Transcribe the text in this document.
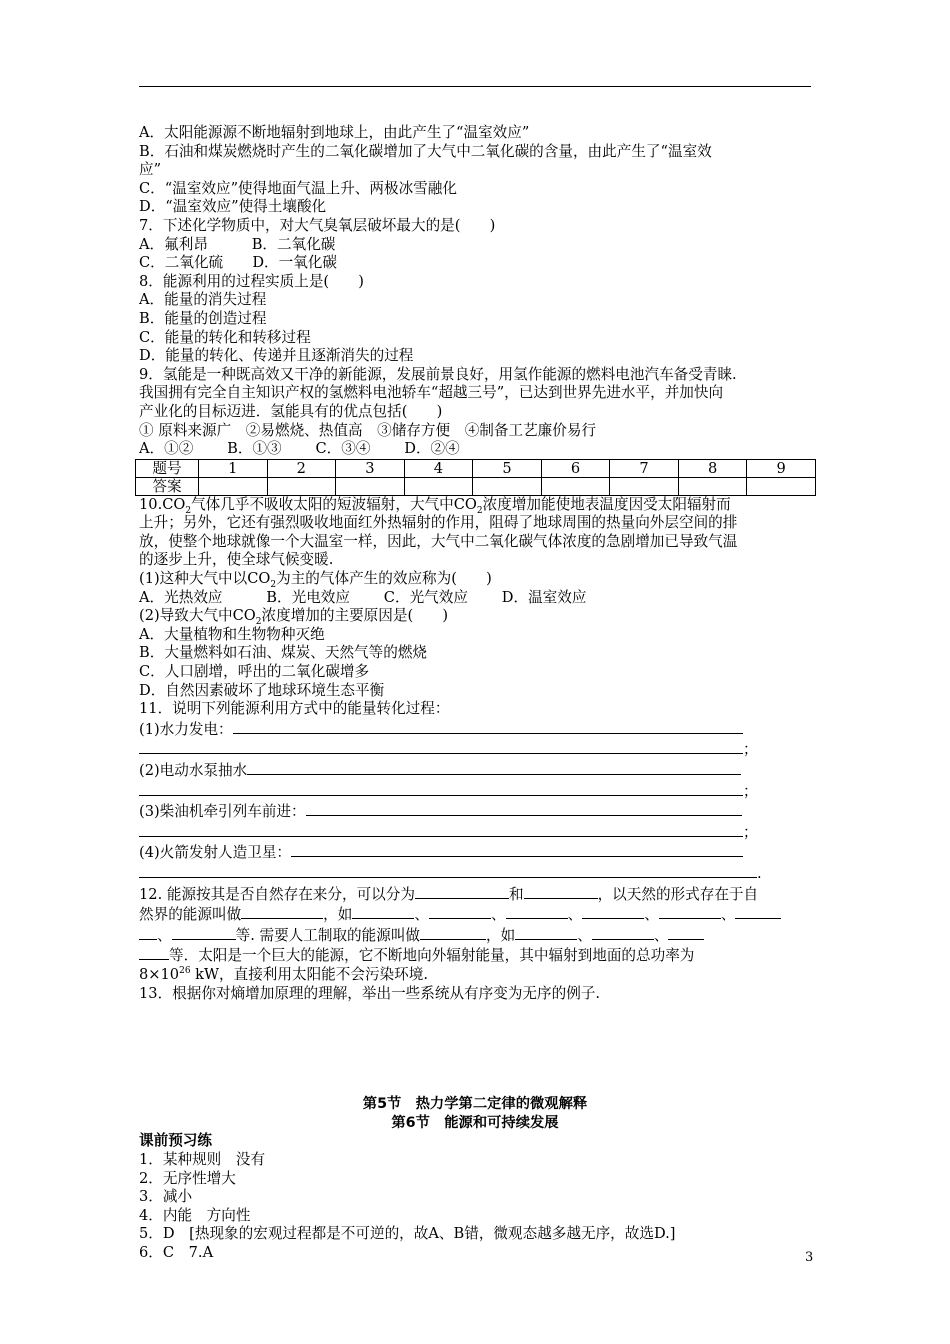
A．太阳能源源不断地辐射到地球上，由此产生了“温室效应”
B．石油和煤炭燃烧时产生的二氧化碳增加了大气中二氧化碳的含量，由此产生了“温室效
应”
C．“温室效应”使得地面气温上升、两极冰雪融化
D．“温室效应”使得土壤酸化
7．下述化学物质中，对大气臭氧层破坏最大的是(　　)
A．氟利昂　　　B．二氧化碳
C．二氧化硫　　D．一氧化碳
8．能源利用的过程实质上是(　　)
A．能量的消失过程
B．能量的创造过程
C．能量的转化和转移过程
D．能量的转化、传递并且逐渐消失的过程
9．氢能是一种既高效又干净的新能源，发展前景良好，用氢作能源的燃料电池汽车备受青睐.
我国拥有完全自主知识产权的氢燃料电池轿车“超越三号”，已达到世界先进水平，并加快向
产业化的目标迈进．氢能具有的优点包括(　　)
① 原料来源广　②易燃烧、热值高　③储存方便　④制备工艺廉价易行
A．①②　　 B．①③　　 C．③④　　 D．②④
题号	1	2	3	4	5	6	7	8	9
答案									
$10.CO_2$气体几乎不吸收太阳的短波辐射，大气中$CO_2$浓度增加能使地表温度因受太阳辐射而
上升；另外，它还有强烈吸收地面红外热辐射的作用，阻碍了地球周围的热量向外层空间的排
放，使整个地球就像一个大温室一样，因此，大气中二氧化碳气体浓度的急剧增加已导致气温
的逐步上升，使全球气候变暖.
(1)这种大气中以$CO_2$为主的气体产生的效应称为(　　)
A．光热效应　　　B．光电效应　　 C．光气效应　　 D．温室效应
(2)导致大气中$CO_2$浓度增加的主要原因是(　　)
A．大量植物和生物物种灭绝
B．大量燃料如石油、煤炭、天然气等的燃烧
C．人口剧增，呼出的二氧化碳增多
D．自然因素破坏了地球环境生态平衡
11．说明下列能源利用方式中的能量转化过程：
(1)水力发电：
；
(2)电动水泵抽水
；
(3)柴油机牵引列车前进：
；
(4)火箭发射人造卫星：
.
12. 能源按其是否自然存在来分，可以分为	和	，以天然的形式存在于自
然界的能源叫做	，如	、	、	、	、	、
、	等. 需要人工制取的能源叫做	，如	、	、
等．太阳是一个巨大的能源，它不断地向外辐射能量，其中辐射到地面的总功率为
$8\times 10^{26}$ kW，直接利用太阳能不会污染环境.
13．根据你对熵增加原理的理解，举出一些系统从有序变为无序的例子.
第5节　热力学第二定律的微观解释
第6节　能源和可持续发展
课前预习练
1．某种规则　没有
2．无序性增大
3．减小
4．内能　方向性
5．D　[热现象的宏观过程都是不可逆的，故A、B错，微观态越多越无序，故选D.]
6．C　7.A	3
